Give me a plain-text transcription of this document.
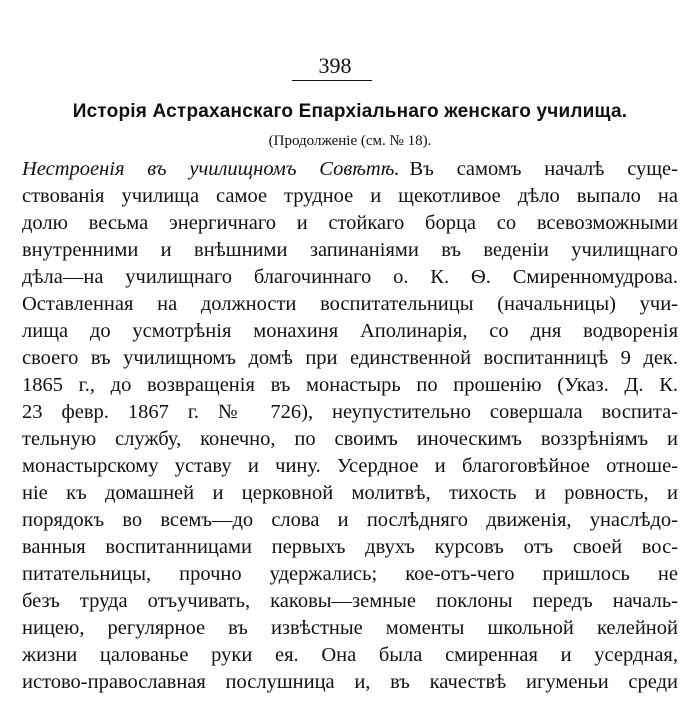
398
Исторія Астраханскаго Епархіальнаго женскаго училища.
(Продолженіе (см. № 18).
Нестроенія въ училищномъ Совѣтѣ. Въ самомъ началѣ суще-
ствованія училища самое трудное и щекотливое дѣло выпало на
долю весьма энергичнаго и стойкаго борца со всевозможными
внутренними и внѣшними запинаніями въ веденіи училищнаго
дѣла—на училищнаго благочиннаго о. К. Ѳ. Смиренномудрова.
Оставленная на должности воспитательницы (начальницы) учи-
лища до усмотрѣнія монахиня Аполинарія, со дня водворенія
своего въ училищномъ домѣ при единственной воспитанницѣ 9 дек.
1865 г., до возвращенія въ монастырь по прошенію (Указ. Д. К.
23 февр. 1867 г. № 726), неупустительно совершала воспита-
тельную службу, конечно, по своимъ иноческимъ воззрѣніямъ и
монастырскому уставу и чину. Усердное и благоговѣйное отноше-
ніе къ домашней и церковной молитвѣ, тихость и ровность, и
порядокъ во всемъ—до слова и послѣдняго движенія, унаслѣдо-
ванныя воспитанницами первыхъ двухъ курсовъ отъ своей вос-
питательницы, прочно удержались; кое-отъ-чего пришлось не
безъ труда отъучивать, каковы—земные поклоны передъ началь-
ницею, регулярное въ извѣстные моменты школьной келейной
жизни цалованье руки ея. Она была смиренная и усердная,
истово-православная послушница и, въ качествѣ игуменьи среди
